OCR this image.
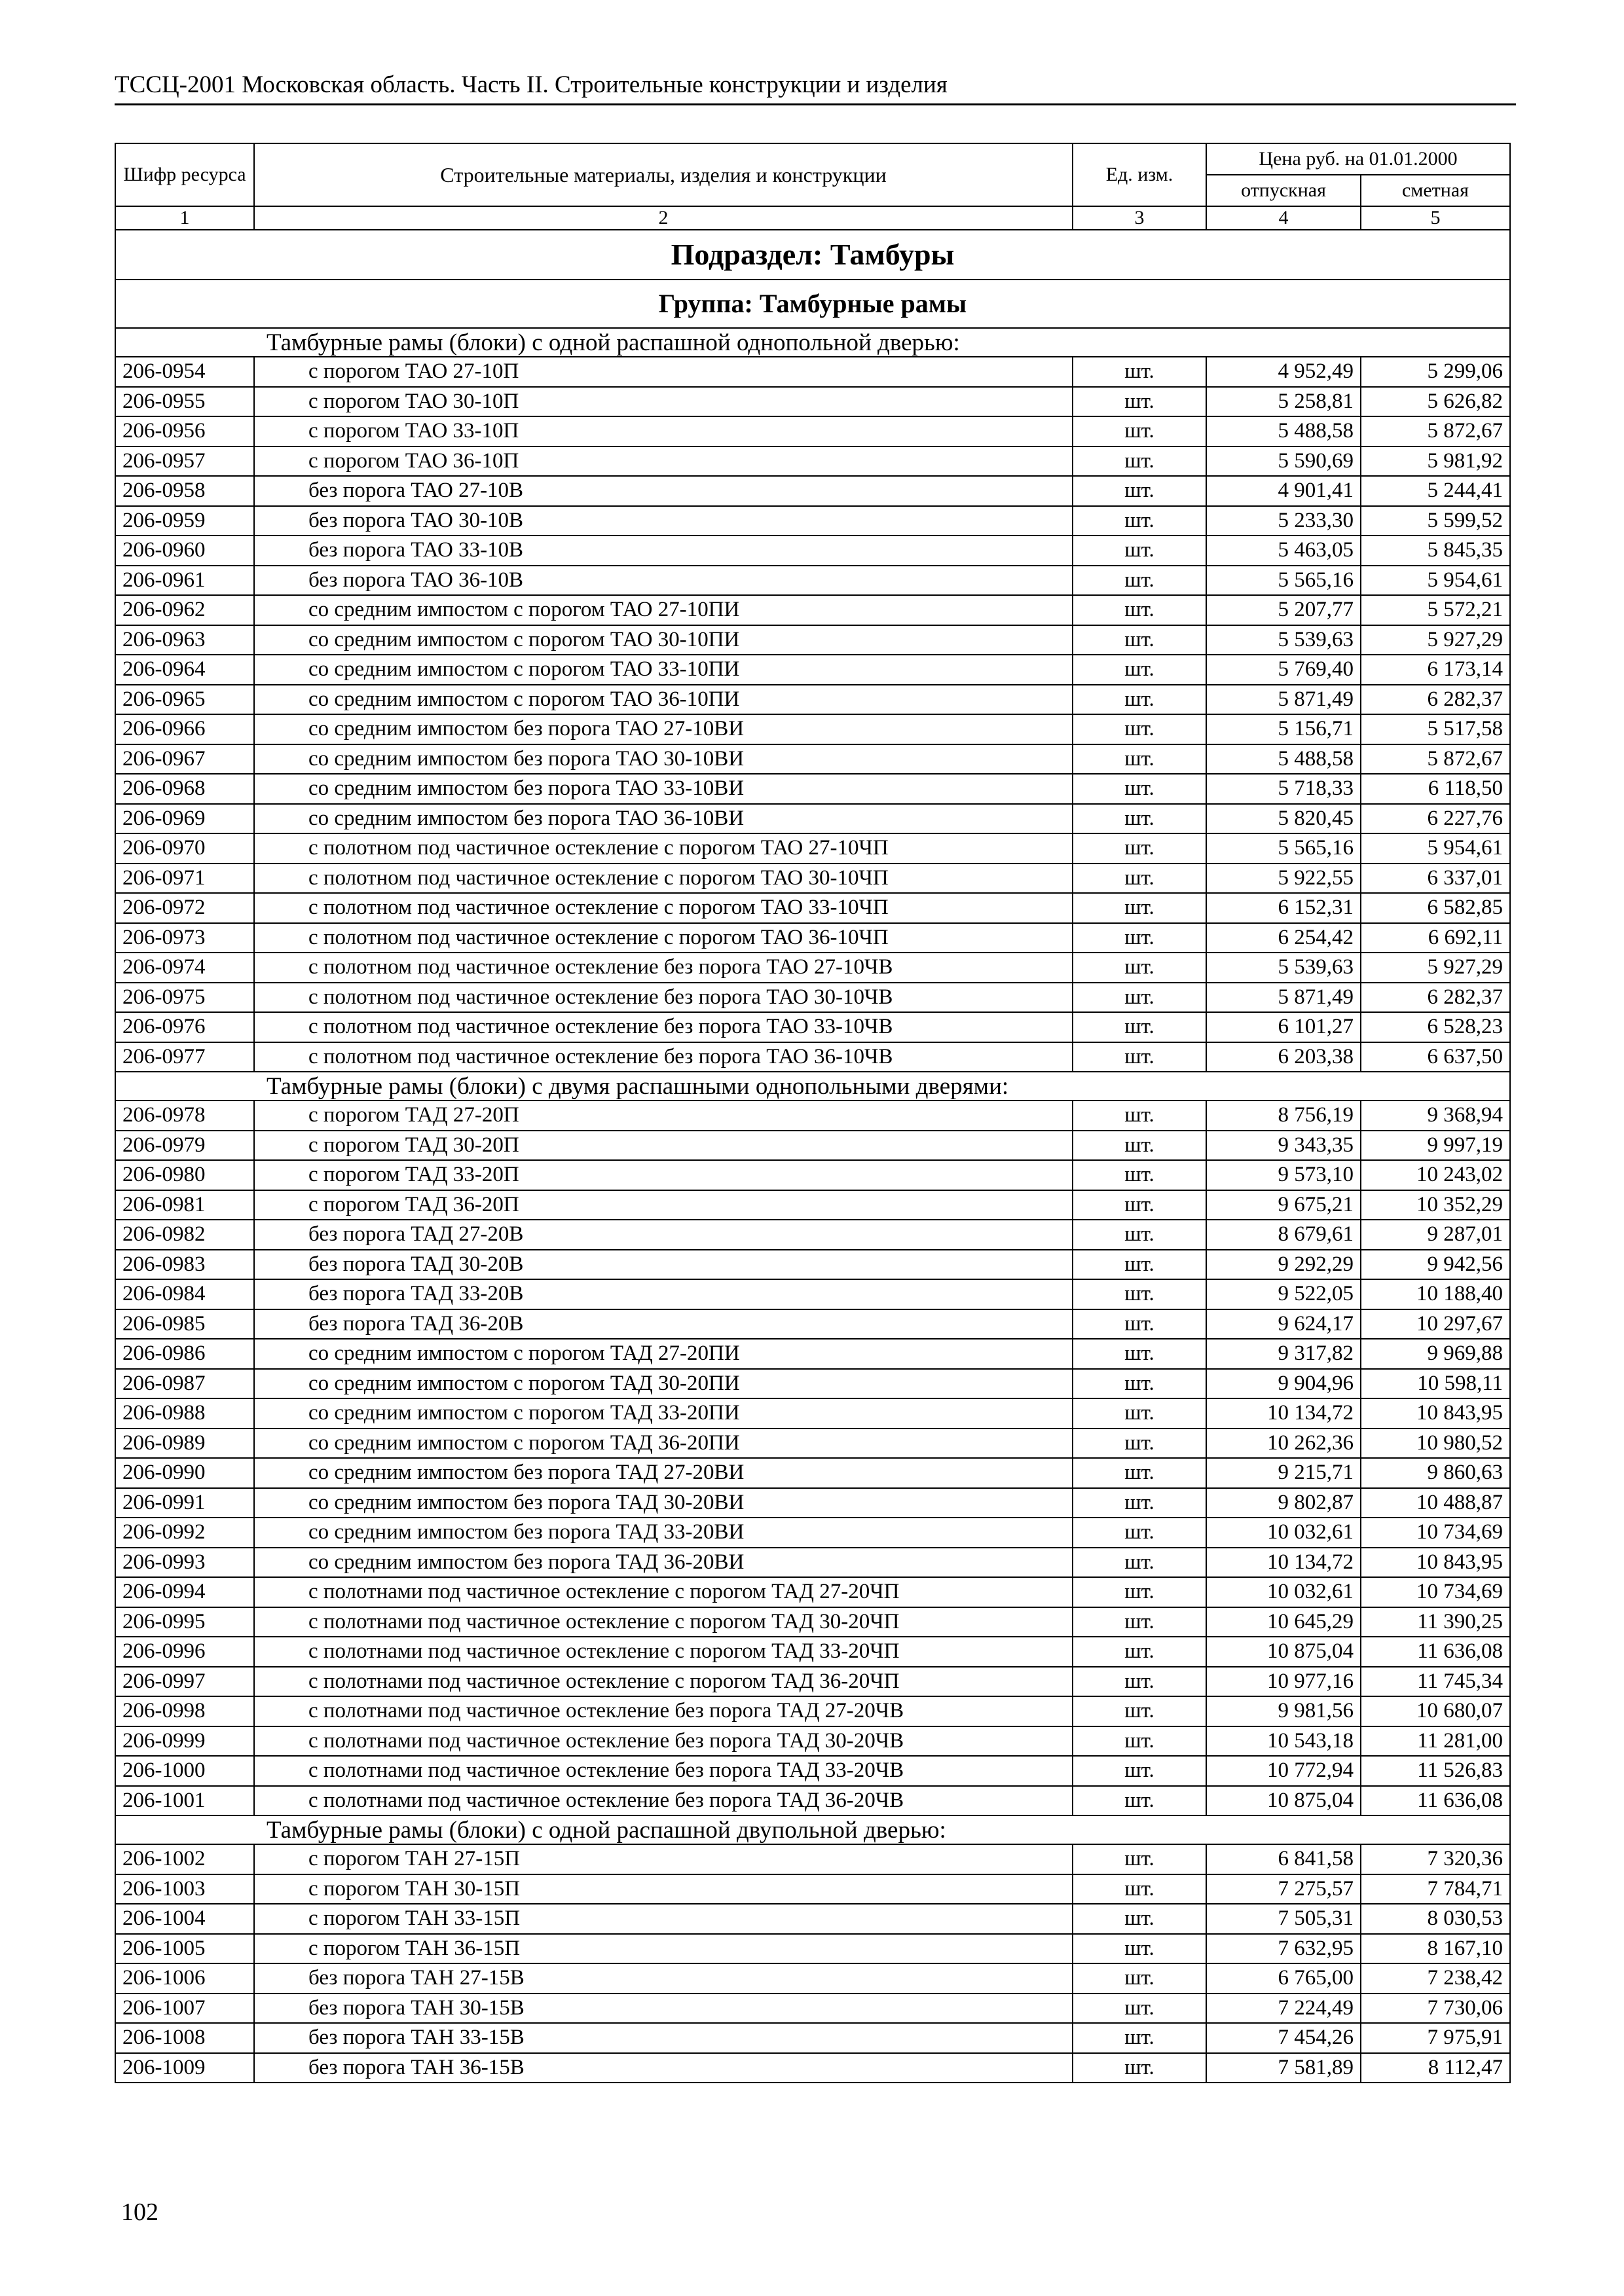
ТССЦ-2001 Московская область. Часть II. Строительные конструкции и изделия
Шифр ресурса	Строительные материалы, изделия и конструкции	Ед. изм.	Цена руб. на 01.01.2000	
			отпускная	сметная
1	2	3	4	5
Подраздел: Тамбуры				
Группа: Тамбурные рамы				
Тамбурные рамы (блоки) с одной распашной однопольной дверью:				
206-0954	с порогом ТАО 27-10П	шт.	4 952,49	5 299,06
206-0955	с порогом ТАО 30-10П	шт.	5 258,81	5 626,82
206-0956	с порогом ТАО 33-10П	шт.	5 488,58	5 872,67
206-0957	с порогом ТАО 36-10П	шт.	5 590,69	5 981,92
206-0958	без порога ТАО 27-10В	шт.	4 901,41	5 244,41
206-0959	без порога ТАО 30-10В	шт.	5 233,30	5 599,52
206-0960	без порога ТАО 33-10В	шт.	5 463,05	5 845,35
206-0961	без порога ТАО 36-10В	шт.	5 565,16	5 954,61
206-0962	со средним импостом с порогом ТАО 27-10ПИ	шт.	5 207,77	5 572,21
206-0963	со средним импостом с порогом ТАО 30-10ПИ	шт.	5 539,63	5 927,29
206-0964	со средним импостом с порогом ТАО 33-10ПИ	шт.	5 769,40	6 173,14
206-0965	со средним импостом с порогом ТАО 36-10ПИ	шт.	5 871,49	6 282,37
206-0966	со средним импостом без порога ТАО 27-10ВИ	шт.	5 156,71	5 517,58
206-0967	со средним импостом без порога ТАО 30-10ВИ	шт.	5 488,58	5 872,67
206-0968	со средним импостом без порога ТАО 33-10ВИ	шт.	5 718,33	6 118,50
206-0969	со средним импостом без порога ТАО 36-10ВИ	шт.	5 820,45	6 227,76
206-0970	с полотном под частичное остекление с порогом ТАО 27-10ЧП	шт.	5 565,16	5 954,61
206-0971	с полотном под частичное остекление с порогом ТАО 30-10ЧП	шт.	5 922,55	6 337,01
206-0972	с полотном под частичное остекление с порогом ТАО 33-10ЧП	шт.	6 152,31	6 582,85
206-0973	с полотном под частичное остекление с порогом ТАО 36-10ЧП	шт.	6 254,42	6 692,11
206-0974	с полотном под частичное остекление без порога ТАО 27-10ЧВ	шт.	5 539,63	5 927,29
206-0975	с полотном под частичное остекление без порога ТАО 30-10ЧВ	шт.	5 871,49	6 282,37
206-0976	с полотном под частичное остекление без порога ТАО 33-10ЧВ	шт.	6 101,27	6 528,23
206-0977	с полотном под частичное остекление без порога ТАО 36-10ЧВ	шт.	6 203,38	6 637,50
Тамбурные рамы (блоки) с двумя распашными однопольными дверями:				
206-0978	с порогом ТАД 27-20П	шт.	8 756,19	9 368,94
206-0979	с порогом ТАД 30-20П	шт.	9 343,35	9 997,19
206-0980	с порогом ТАД 33-20П	шт.	9 573,10	10 243,02
206-0981	с порогом ТАД 36-20П	шт.	9 675,21	10 352,29
206-0982	без порога ТАД 27-20В	шт.	8 679,61	9 287,01
206-0983	без порога ТАД 30-20В	шт.	9 292,29	9 942,56
206-0984	без порога ТАД 33-20В	шт.	9 522,05	10 188,40
206-0985	без порога ТАД 36-20В	шт.	9 624,17	10 297,67
206-0986	со средним импостом с порогом ТАД 27-20ПИ	шт.	9 317,82	9 969,88
206-0987	со средним импостом с порогом ТАД 30-20ПИ	шт.	9 904,96	10 598,11
206-0988	со средним импостом с порогом ТАД 33-20ПИ	шт.	10 134,72	10 843,95
206-0989	со средним импостом с порогом ТАД 36-20ПИ	шт.	10 262,36	10 980,52
206-0990	со средним импостом без порога ТАД 27-20ВИ	шт.	9 215,71	9 860,63
206-0991	со средним импостом без порога ТАД 30-20ВИ	шт.	9 802,87	10 488,87
206-0992	со средним импостом без порога ТАД 33-20ВИ	шт.	10 032,61	10 734,69
206-0993	со средним импостом без порога ТАД 36-20ВИ	шт.	10 134,72	10 843,95
206-0994	с полотнами под частичное остекление с порогом ТАД 27-20ЧП	шт.	10 032,61	10 734,69
206-0995	с полотнами под частичное остекление с порогом ТАД 30-20ЧП	шт.	10 645,29	11 390,25
206-0996	с полотнами под частичное остекление с порогом ТАД 33-20ЧП	шт.	10 875,04	11 636,08
206-0997	с полотнами под частичное остекление с порогом ТАД 36-20ЧП	шт.	10 977,16	11 745,34
206-0998	с полотнами под частичное остекление без порога ТАД 27-20ЧВ	шт.	9 981,56	10 680,07
206-0999	с полотнами под частичное остекление без порога ТАД 30-20ЧВ	шт.	10 543,18	11 281,00
206-1000	с полотнами под частичное остекление без порога ТАД 33-20ЧВ	шт.	10 772,94	11 526,83
206-1001	с полотнами под частичное остекление без порога ТАД 36-20ЧВ	шт.	10 875,04	11 636,08
Тамбурные рамы (блоки) с одной распашной двупольной дверью:				
206-1002	с порогом ТАН 27-15П	шт.	6 841,58	7 320,36
206-1003	с порогом ТАН 30-15П	шт.	7 275,57	7 784,71
206-1004	с порогом ТАН 33-15П	шт.	7 505,31	8 030,53
206-1005	с порогом ТАН 36-15П	шт.	7 632,95	8 167,10
206-1006	без порога ТАН 27-15В	шт.	6 765,00	7 238,42
206-1007	без порога ТАН 30-15В	шт.	7 224,49	7 730,06
206-1008	без порога ТАН 33-15В	шт.	7 454,26	7 975,91
206-1009	без порога ТАН 36-15В	шт.	7 581,89	8 112,47
102
